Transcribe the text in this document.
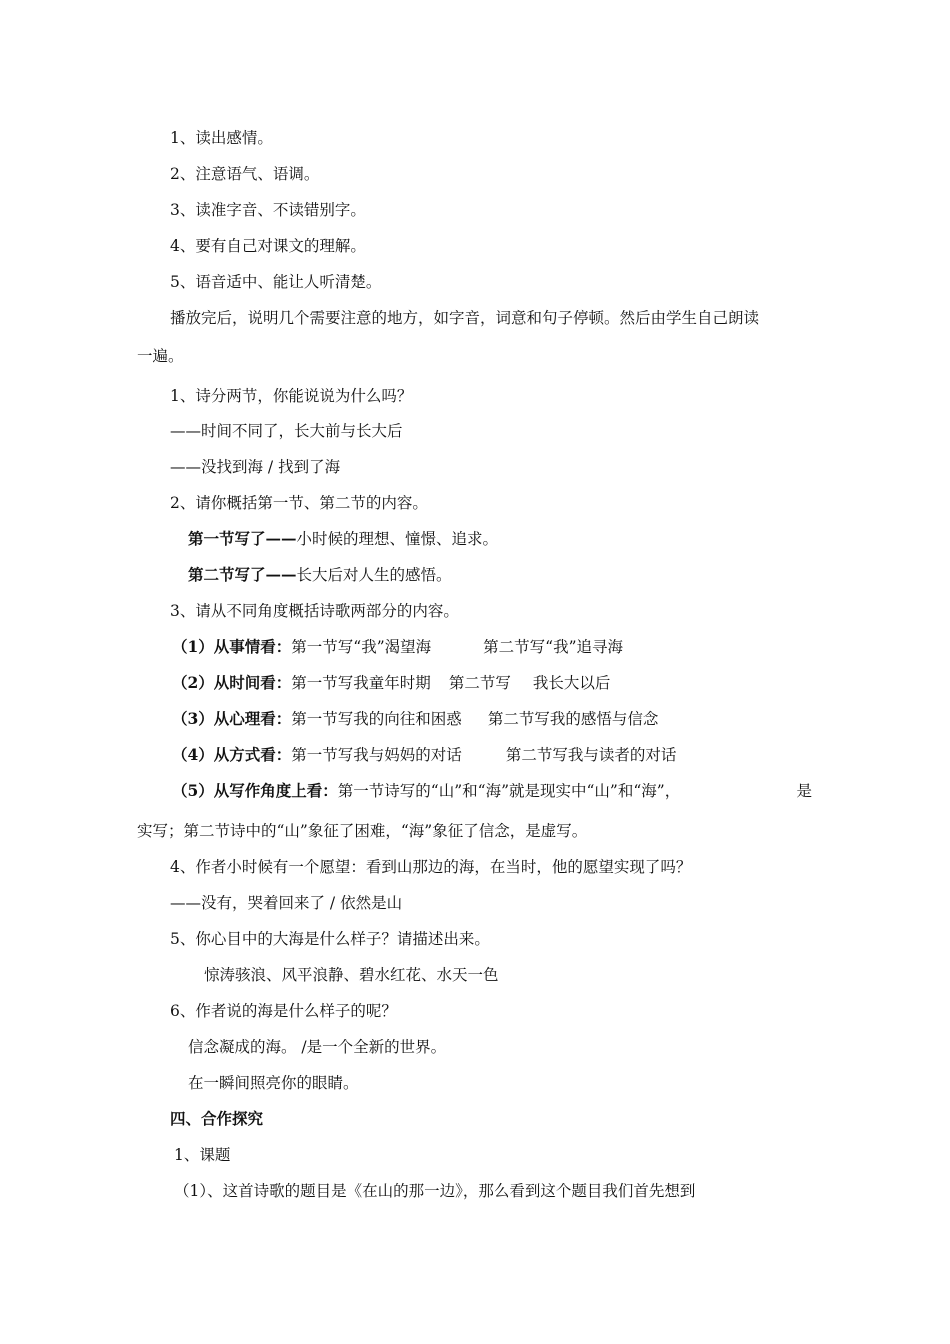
1、读出感情。
2、注意语气、语调。
3、读准字音、不读错别字。
4、要有自己对课文的理解。
5、语音适中、能让人听清楚。
播放完后，说明几个需要注意的地方，如字音，词意和句子停顿。然后由学生自己朗读
一遍。
1、诗分两节，你能说说为什么吗？
——时间不同了，长大前与长大后
——没找到海 / 找到了海
2、请你概括第一节、第二节的内容。
第一节写了——小时候的理想、憧憬、追求。
第二节写了——长大后对人生的感悟。
3、请从不同角度概括诗歌两部分的内容。
（1）从事情看：第一节写“我”渴望海	第二节写“我”追寻海
（2）从时间看：第一节写我童年时期 第二节写 我长大以后
（3）从心理看：第一节写我的向往和困惑 第二节写我的感悟与信念
（4）从方式看：第一节写我与妈妈的对话	第二节写我与读者的对话
（5）从写作角度上看：第一节诗写的“山”和“海”就是现实中“山”和“海”，	是
实写；第二节诗中的“山”象征了困难，“海”象征了信念，是虚写。
4、作者小时候有一个愿望：看到山那边的海，在当时，他的愿望实现了吗？
——没有，哭着回来了 / 依然是山
5、你心目中的大海是什么样子？请描述出来。
惊涛骇浪、风平浪静、碧水红花、水天一色
6、作者说的海是什么样子的呢？
信念凝成的海。 /是一个全新的世界。
在一瞬间照亮你的眼睛。
四、合作探究
1、课题
（1）、这首诗歌的题目是《在山的那一边》，那么看到这个题目我们首先想到
